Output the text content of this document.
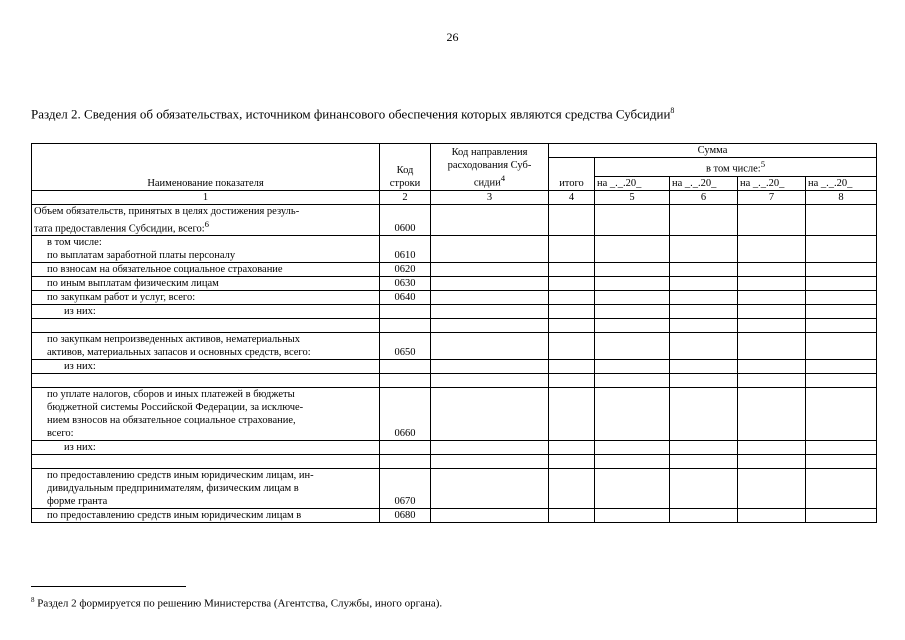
26
Раздел 2. Сведения об обязательствах, источником финансового обеспечения которых являются средства Субсидии$^8$
Наименование показателя	Код строки	Код направления
расходования Суб-
сидии$^4$	Сумма				
			итого	в том числе:$^5$
				на _._.20_	на _._.20_	на _._.20_	на _._.20_
1	2	3	4	5	6	7	8
Объем обязательств, принятых в целях достижения резуль-
тата предоставления Субсидии, всего:$^6$	0600						
в том числе:
по выплатам заработной платы персоналу	0610						
по взносам на обязательное социальное страхование	0620						
по иным выплатам физическим лицам	0630						
по закупкам работ и услуг, всего:	0640						
из них:							

по закупкам непроизведенных активов, нематериальных
активов, материальных запасов и основных средств, всего:	0650						
из них:							

по уплате налогов, сборов и иных платежей в бюджеты
бюджетной системы Российской Федерации, за исключе-
нием взносов на обязательное социальное страхование,
всего:	0660						
из них:							

по предоставлению средств иным юридическим лицам, ин-
дивидуальным предпринимателям, физическим лицам в
форме гранта	0670						
по предоставлению средств иным юридическим лицам в	0680						
$^8$ Раздел 2 формируется по решению Министерства (Агентства, Службы, иного органа).
